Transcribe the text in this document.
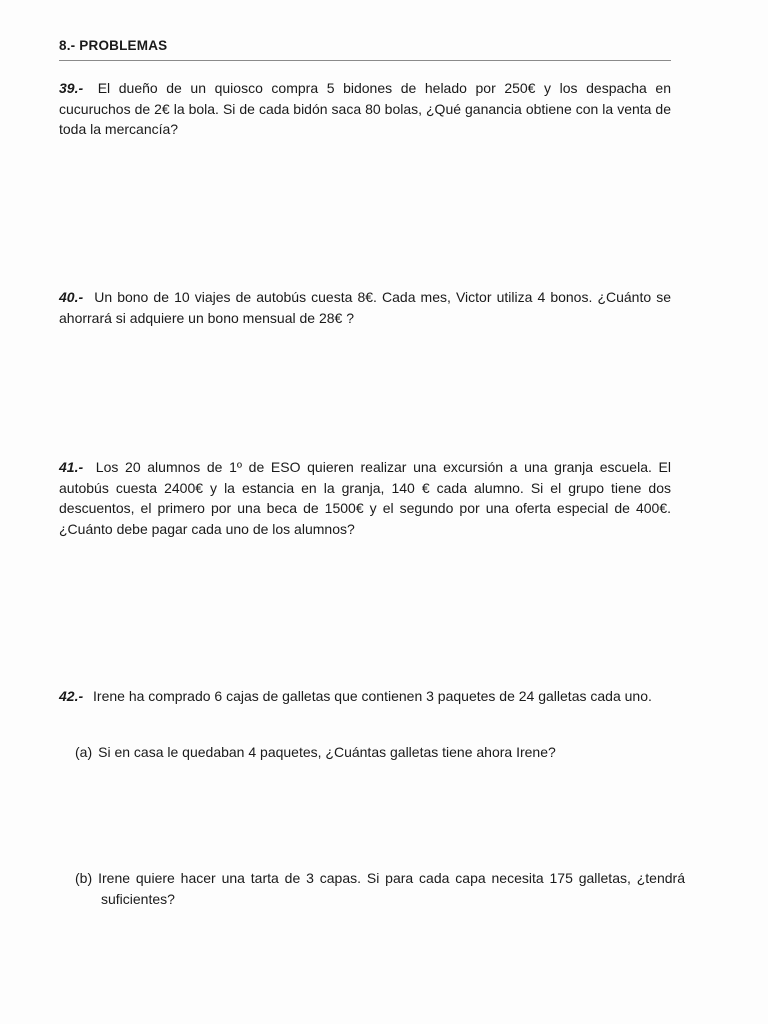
8.- PROBLEMAS

39.- El dueño de un quiosco compra 5 bidones de helado por 250€ y los despacha en cucuruchos de 2€ la bola. Si de cada bidón saca 80 bolas, ¿Qué ganancia obtiene con la venta de toda la mercancía?

40.- Un bono de 10 viajes de autobús cuesta 8€. Cada mes, Victor utiliza 4 bonos. ¿Cuánto se ahorrará si adquiere un bono mensual de 28€ ?

41.- Los 20 alumnos de 1º de ESO quieren realizar una excursión a una granja escuela. El autobús cuesta 2400€ y la estancia en la granja, 140 € cada alumno. Si el grupo tiene dos descuentos, el primero por una beca de 1500€ y el segundo por una oferta especial de 400€. ¿Cuánto debe pagar cada uno de los alumnos?

42.- Irene ha comprado 6 cajas de galletas que contienen 3 paquetes de 24 galletas cada uno.

(a) Si en casa le quedaban 4 paquetes, ¿Cuántas galletas tiene ahora Irene?

(b) Irene quiere hacer una tarta de 3 capas. Si para cada capa necesita 175 galletas, ¿tendrá suficientes?
